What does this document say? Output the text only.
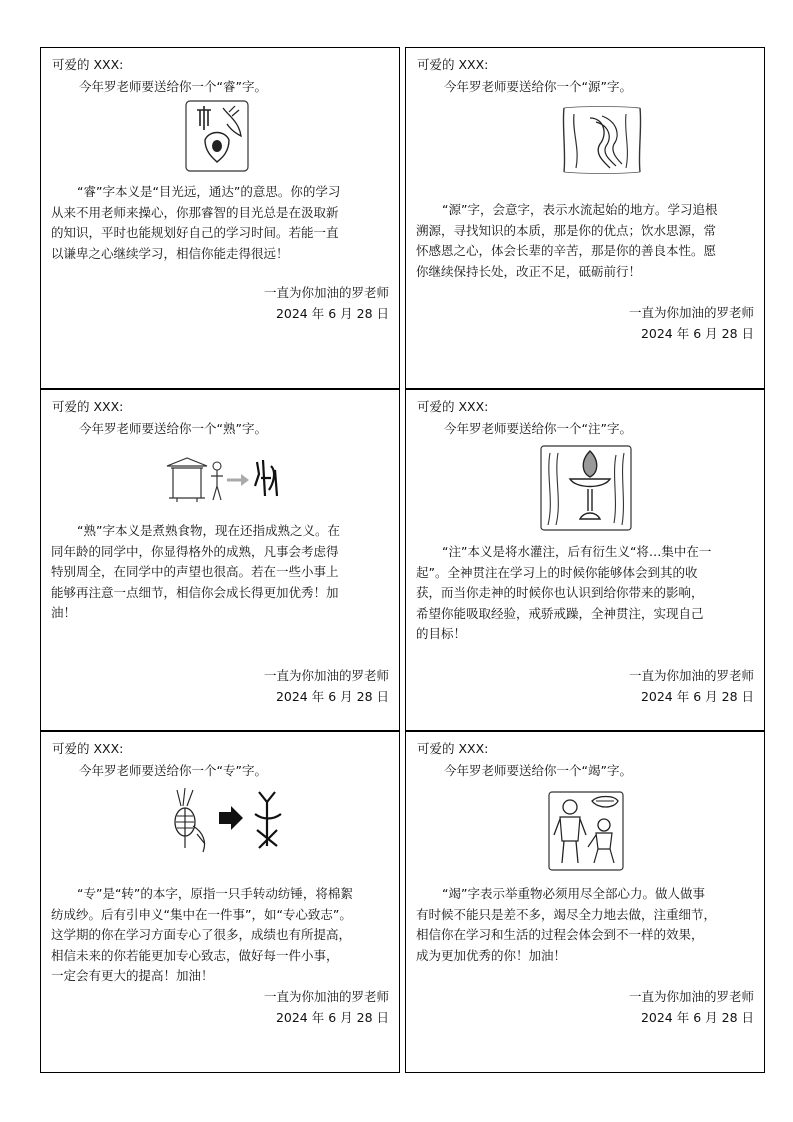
可爱的 XXX:
今年罗老师要送给你一个“睿”字。
“睿”字本义是“目光远，通达”的意思。你的学习
从来不用老师来操心，你那睿智的目光总是在汲取新
的知识，平时也能规划好自己的学习时间。若能一直
以谦卑之心继续学习，相信你能走得很远！
一直为你加油的罗老师
2024 年 6 月 28 日
可爱的 XXX:
今年罗老师要送给你一个“源”字。
“源”字，会意字，表示水流起始的地方。学习追根
溯源，寻找知识的本质，那是你的优点；饮水思源，常
怀感恩之心，体会长辈的辛苦，那是你的善良本性。愿
你继续保持长处，改正不足，砥砺前行！
一直为你加油的罗老师
2024 年 6 月 28 日
可爱的 XXX:
今年罗老师要送给你一个“熟”字。
“熟”字本义是煮熟食物，现在还指成熟之义。在
同年龄的同学中，你显得格外的成熟，凡事会考虑得
特别周全，在同学中的声望也很高。若在一些小事上
能够再注意一点细节，相信你会成长得更加优秀！加
油！
一直为你加油的罗老师
2024 年 6 月 28 日
可爱的 XXX:
今年罗老师要送给你一个“注”字。
“注”本义是将水灌注，后有衍生义“将…集中在一
起”。全神贯注在学习上的时候你能够体会到其的收
获，而当你走神的时候你也认识到给你带来的影响，
希望你能吸取经验，戒骄戒躁，全神贯注，实现自己
的目标！
一直为你加油的罗老师
2024 年 6 月 28 日
可爱的 XXX:
今年罗老师要送给你一个“专”字。
“专”是“转”的本字，原指一只手转动纺锤，将棉絮
纺成纱。后有引申义“集中在一件事”，如“专心致志”。
这学期的你在学习方面专心了很多，成绩也有所提高，
相信未来的你若能更加专心致志，做好每一件小事，
一定会有更大的提高！加油！
一直为你加油的罗老师
2024 年 6 月 28 日
可爱的 XXX:
今年罗老师要送给你一个“竭”字。
“竭”字表示举重物必须用尽全部心力。做人做事
有时候不能只是差不多，竭尽全力地去做，注重细节，
相信你在学习和生活的过程会体会到不一样的效果，
成为更加优秀的你！加油！
一直为你加油的罗老师
2024 年 6 月 28 日
